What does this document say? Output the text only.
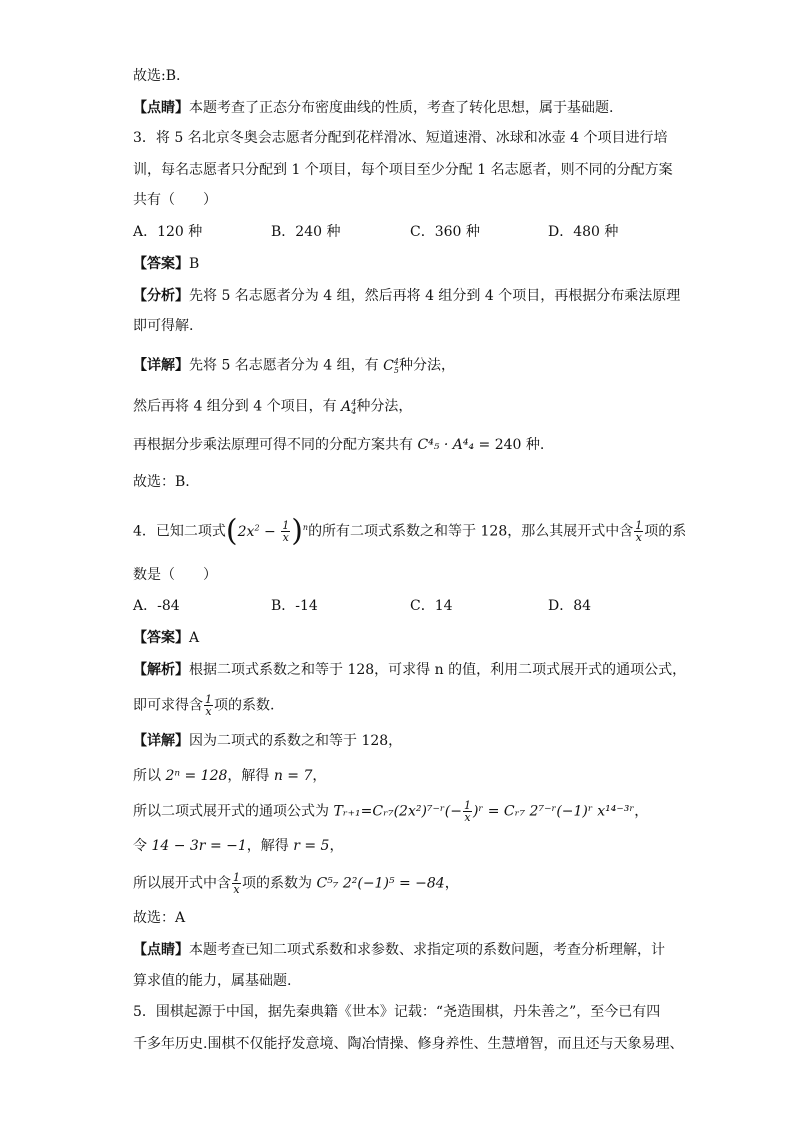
故选:B.
【点睛】本题考查了正态分布密度曲线的性质，考查了转化思想，属于基础题.
3．将 5 名北京冬奥会志愿者分配到花样滑冰、短道速滑、冰球和冰壶 4 个项目进行培
训，每名志愿者只分配到 1 个项目，每个项目至少分配 1 名志愿者，则不同的分配方案
共有（　　）
A．120 种	B．240 种	C．360 种	D．480 种
【答案】B
【分析】先将 5 名志愿者分为 4 组，然后再将 4 组分到 4 个项目，再根据分布乘法原理
即可得解.
【详解】先将 5 名志愿者分为 4 组，有 $C^4_5$种分法，
然后再将 4 组分到 4 个项目，有 $A^4_4$种分法，
再根据分步乘法原理可得不同的分配方案共有 C⁴₅ · A⁴₄ = 240 种.
故选：B.
4．已知二项式$(2x^2 - \frac{1}{x} )^n$的所有二项式系数之和等于 128，那么其展开式中含 $\frac{1}{x}$ 项的系
数是（　　）
A．-84	B．-14	C．14	D．84
【答案】A
【解析】根据二项式系数之和等于 128，可求得 n 的值，利用二项式展开式的通项公式，
即可求得含 $\frac{1}{x}$ 项的系数.
【详解】因为二项式的系数之和等于 128，
所以 2ⁿ = 128，解得 n = 7，
所以二项式展开式的通项公式为 Tᵣ₊₁=Cᵣ₇(2x²)⁷⁻ʳ(− $\frac{1}{x}$ )ʳ = Cᵣ₇ 2⁷⁻ʳ(−1)ʳ x¹⁴⁻³ʳ，
令 14 − 3r = −1，解得 r = 5，
所以展开式中含 $\frac{1}{x}$ 项的系数为 C⁵₇ 2²(−1)⁵ = −84，
故选：A
【点睛】本题考查已知二项式系数和求参数、求指定项的系数问题，考查分析理解，计
算求值的能力，属基础题.
5．围棋起源于中国，据先秦典籍《世本》记载：“尧造围棋，丹朱善之”，至今已有四
千多年历史.围棋不仅能抒发意境、陶冶情操、修身养性、生慧增智，而且还与天象易理、
